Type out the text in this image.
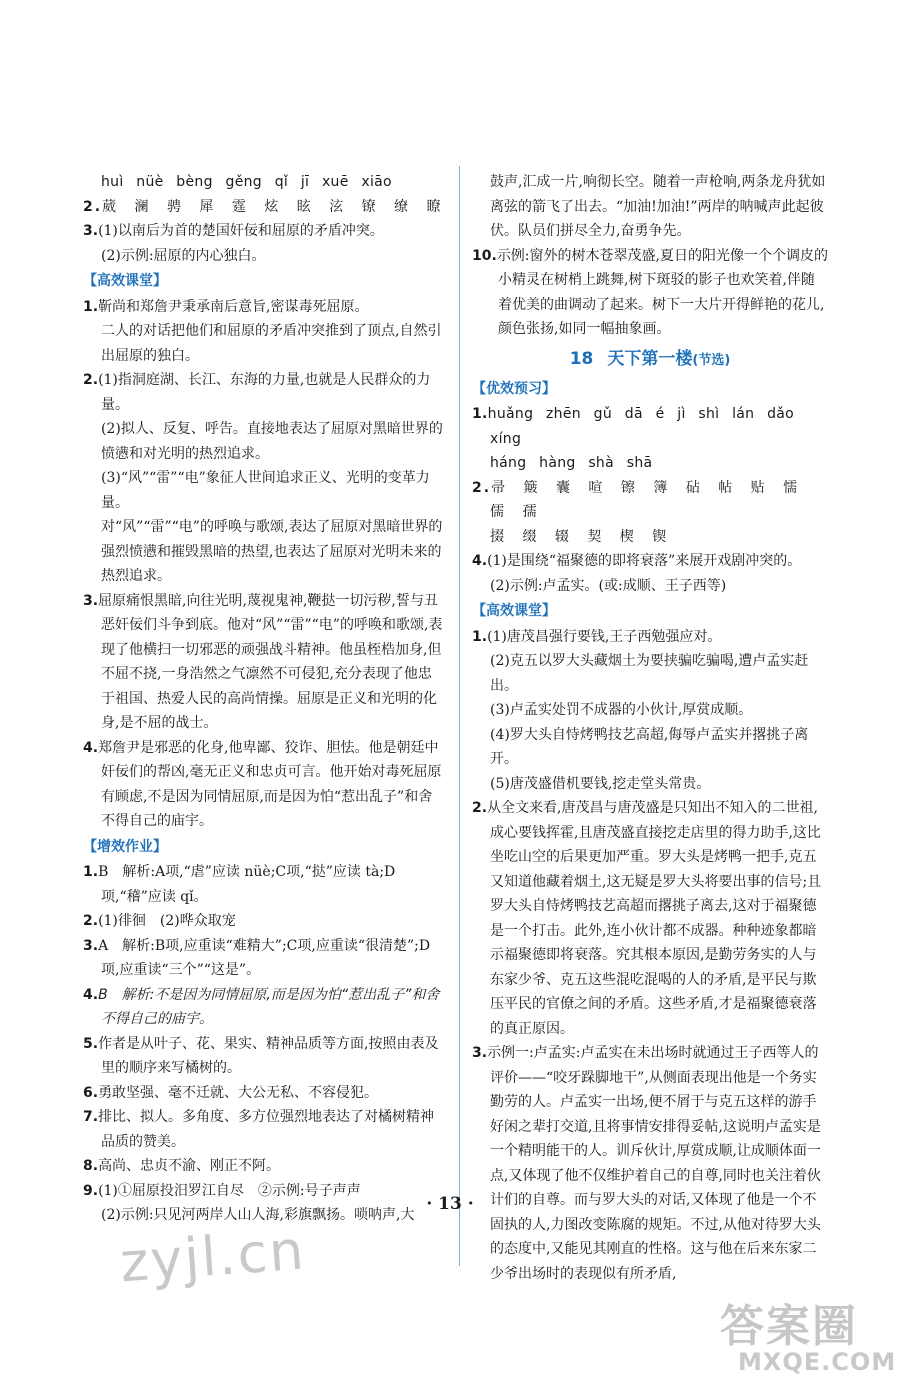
huì nüè bèng gěng qǐ jī xuē xiāo

2.葳 澜 骋 犀 霆 炫 眩 泫 镣 缭 瞭

3.(1)以南后为首的楚国奸佞和屈原的矛盾冲突。

(2)示例:屈原的内心独白。

【高效课堂】

1.靳尚和郑詹尹秉承南后意旨,密谋毒死屈原。

二人的对话把他们和屈原的矛盾冲突推到了顶点,自然引出屈原的独白。

2.(1)指洞庭湖、长江、东海的力量,也就是人民群众的力量。

(2)拟人、反复、呼告。直接地表达了屈原对黑暗世界的愤懑和对光明的热烈追求。

(3)“风”“雷”“电”象征人世间追求正义、光明的变革力量。

对“风”“雷”“电”的呼唤与歌颂,表达了屈原对黑暗世界的强烈愤懑和摧毁黑暗的热望,也表达了屈原对光明未来的热烈追求。

3.屈原痛恨黑暗,向往光明,蔑视鬼神,鞭挞一切污秽,誓与丑恶奸佞们斗争到底。他对“风”“雷”“电”的呼唤和歌颂,表现了他横扫一切邪恶的顽强战斗精神。他虽桎梏加身,但不屈不挠,一身浩然之气凛然不可侵犯,充分表现了他忠于祖国、热爱人民的高尚情操。屈原是正义和光明的化身,是不屈的战士。

4.郑詹尹是邪恶的化身,他卑鄙、狡诈、胆怯。他是朝廷中奸佞们的帮凶,毫无正义和忠贞可言。他开始对毒死屈原有顾虑,不是因为同情屈原,而是因为怕“惹出乱子”和舍不得自己的庙宇。

【增效作业】

1.B　解析:A项,“虐”应读 nüè;C项,“挞”应读 tà;D项,“稽”应读 qǐ。

2.(1)徘徊　(2)哗众取宠

3.A　解析:B项,应重读“难精大”;C项,应重读“很清楚”;D项,应重读“三个”“这是”。

4.B　解析:不是因为同情屈原,而是因为怕“惹出乱子”和舍不得自己的庙宇。

5.作者是从叶子、花、果实、精神品质等方面,按照由表及里的顺序来写橘树的。

6.勇敢坚强、毫不迁就、大公无私、不容侵犯。

7.排比、拟人。多角度、多方位强烈地表达了对橘树精神品质的赞美。

8.高尚、忠贞不渝、刚正不阿。

9.(1)①屈原投汨罗江自尽　②示例:号子声声

(2)示例:只见河两岸人山人海,彩旗飘扬。唢呐声,大

鼓声,汇成一片,响彻长空。随着一声枪响,两条龙舟犹如离弦的箭飞了出去。“加油!加油!”两岸的呐喊声此起彼伏。队员们拼尽全力,奋勇争先。

10.示例:窗外的树木苍翠茂盛,夏日的阳光像一个个调皮的小精灵在树梢上跳舞,树下斑驳的影子也欢笑着,伴随着优美的曲调动了起来。树下一大片开得鲜艳的花儿,颜色张扬,如同一幅抽象画。

18 天下第一楼(节选)

【优效预习】

1.huǎng zhēn gǔ dā é jì shì lán dǎo xíng

háng hàng shà shā

2.帚 簸 囊 喧 镲 簿 砧 帖 贴 懦 儒 孺

掇 缀 辍 契 楔 锲

4.(1)是围绕“福聚德的即将衰落”来展开戏剧冲突的。

(2)示例:卢孟实。(或:成顺、王子西等)

【高效课堂】

1.(1)唐茂昌强行要钱,王子西勉强应对。

(2)克五以罗大头藏烟土为要挟骗吃骗喝,遭卢孟实赶出。

(3)卢孟实处罚不成器的小伙计,厚赏成顺。

(4)罗大头自恃烤鸭技艺高超,侮辱卢孟实并撂挑子离开。

(5)唐茂盛借机要钱,挖走堂头常贵。

2.从全文来看,唐茂昌与唐茂盛是只知出不知入的二世祖,成心要钱挥霍,且唐茂盛直接挖走店里的得力助手,这比坐吃山空的后果更加严重。罗大头是烤鸭一把手,克五又知道他藏着烟土,这无疑是罗大头将要出事的信号;且罗大头自恃烤鸭技艺高超而撂挑子离去,这对于福聚德是一个打击。此外,连小伙计都不成器。种种迹象都暗示福聚德即将衰落。究其根本原因,是勤劳务实的人与东家少爷、克五这些混吃混喝的人的矛盾,是平民与欺压平民的官僚之间的矛盾。这些矛盾,才是福聚德衰落的真正原因。

3.示例一:卢孟实:卢孟实在未出场时就通过王子西等人的评价——“咬牙跺脚地干”,从侧面表现出他是一个务实勤劳的人。卢孟实一出场,便不屑于与克五这样的游手好闲之辈打交道,且将事情安排得妥帖,这说明卢孟实是一个精明能干的人。训斥伙计,厚赏成顺,让成顺体面一点,又体现了他不仅维护着自己的自尊,同时也关注着伙计们的自尊。而与罗大头的对话,又体现了他是一个不固执的人,力图改变陈腐的规矩。不过,从他对待罗大头的态度中,又能见其刚直的性格。这与他在后来东家二少爷出场时的表现似有所矛盾,

· 13 ·
zyjl.cn
答案圈
MXQE.COM
